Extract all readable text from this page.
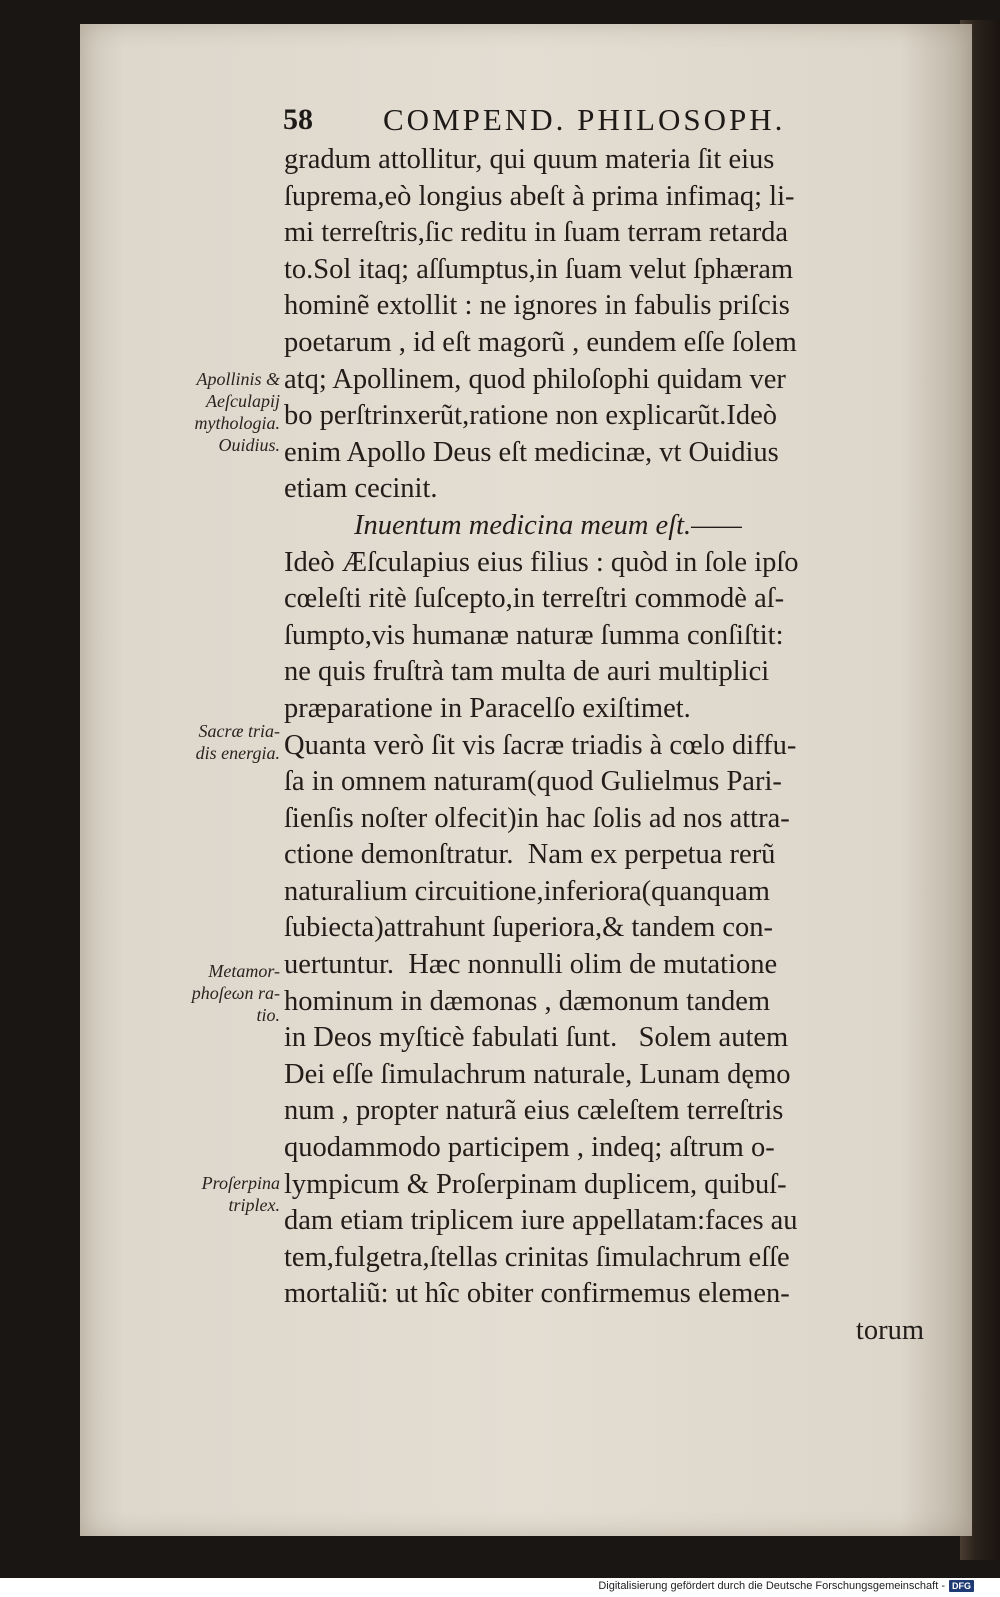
58 COMPEND. PHILOSOPH.
gradum attollitur, qui quum materia ſit eius
ſuprema,eò longius abeſt à prima infimaq; li-
mi terreſtris,ſic reditu in ſuam terram retarda
to.Sol itaq; aſſumptus,in ſuam velut ſphæram
hominẽ extollit : ne ignores in fabulis priſcis
poetarum , id eſt magorũ , eundem eſſe ſolem
atq; Apollinem, quod philoſophi quidam ver
bo perſtrinxerũt,ratione non explicarũt.Ideò
enim Apollo Deus eſt medicinæ, vt Ouidius
etiam cecinit.
Inuentum medicina meum eſt.——
Ideò Æſculapius eius filius : quòd in ſole ipſo
cœleſti ritè ſuſcepto,in terreſtri commodè aſ-
ſumpto,vis humanæ naturæ ſumma conſiſtit:
ne quis fruſtrà tam multa de auri multiplici
præparatione in Paracelſo exiſtimet.
Quanta verò ſit vis ſacræ triadis à cœlo diffu-
ſa in omnem naturam(quod Gulielmus Pari-
ſienſis noſter olfecit)in hac ſolis ad nos attra-
ctione demonſtratur.  Nam ex perpetua rerũ
naturalium circuitione,inferiora(quanquam
ſubiecta)attrahunt ſuperiora,& tandem con-
uertuntur.  Hæc nonnulli olim de mutatione
hominum in dæmonas , dæmonum tandem
in Deos myſticè fabulati ſunt.   Solem autem
Dei eſſe ſimulachrum naturale, Lunam dęmo
num , propter naturã eius cæleſtem terreſtris
quodammodo participem , indeq; aſtrum o-
lympicum & Proſerpinam duplicem, quibuſ-
dam etiam triplicem iure appellatam:faces au
tem,fulgetra,ſtellas crinitas ſimulachrum eſſe
mortaliũ: ut hîc obiter confirmemus elemen-
torum
Apollinis &
Aeſculapij
mythologia.
Ouidius.
Sacræ tria-
dis energia.
Metamor-
phoſeωn ra-
tio.
Proſerpina
triplex.
Digitalisierung gefördert durch die Deutsche Forschungsgemeinschaft - DFG
